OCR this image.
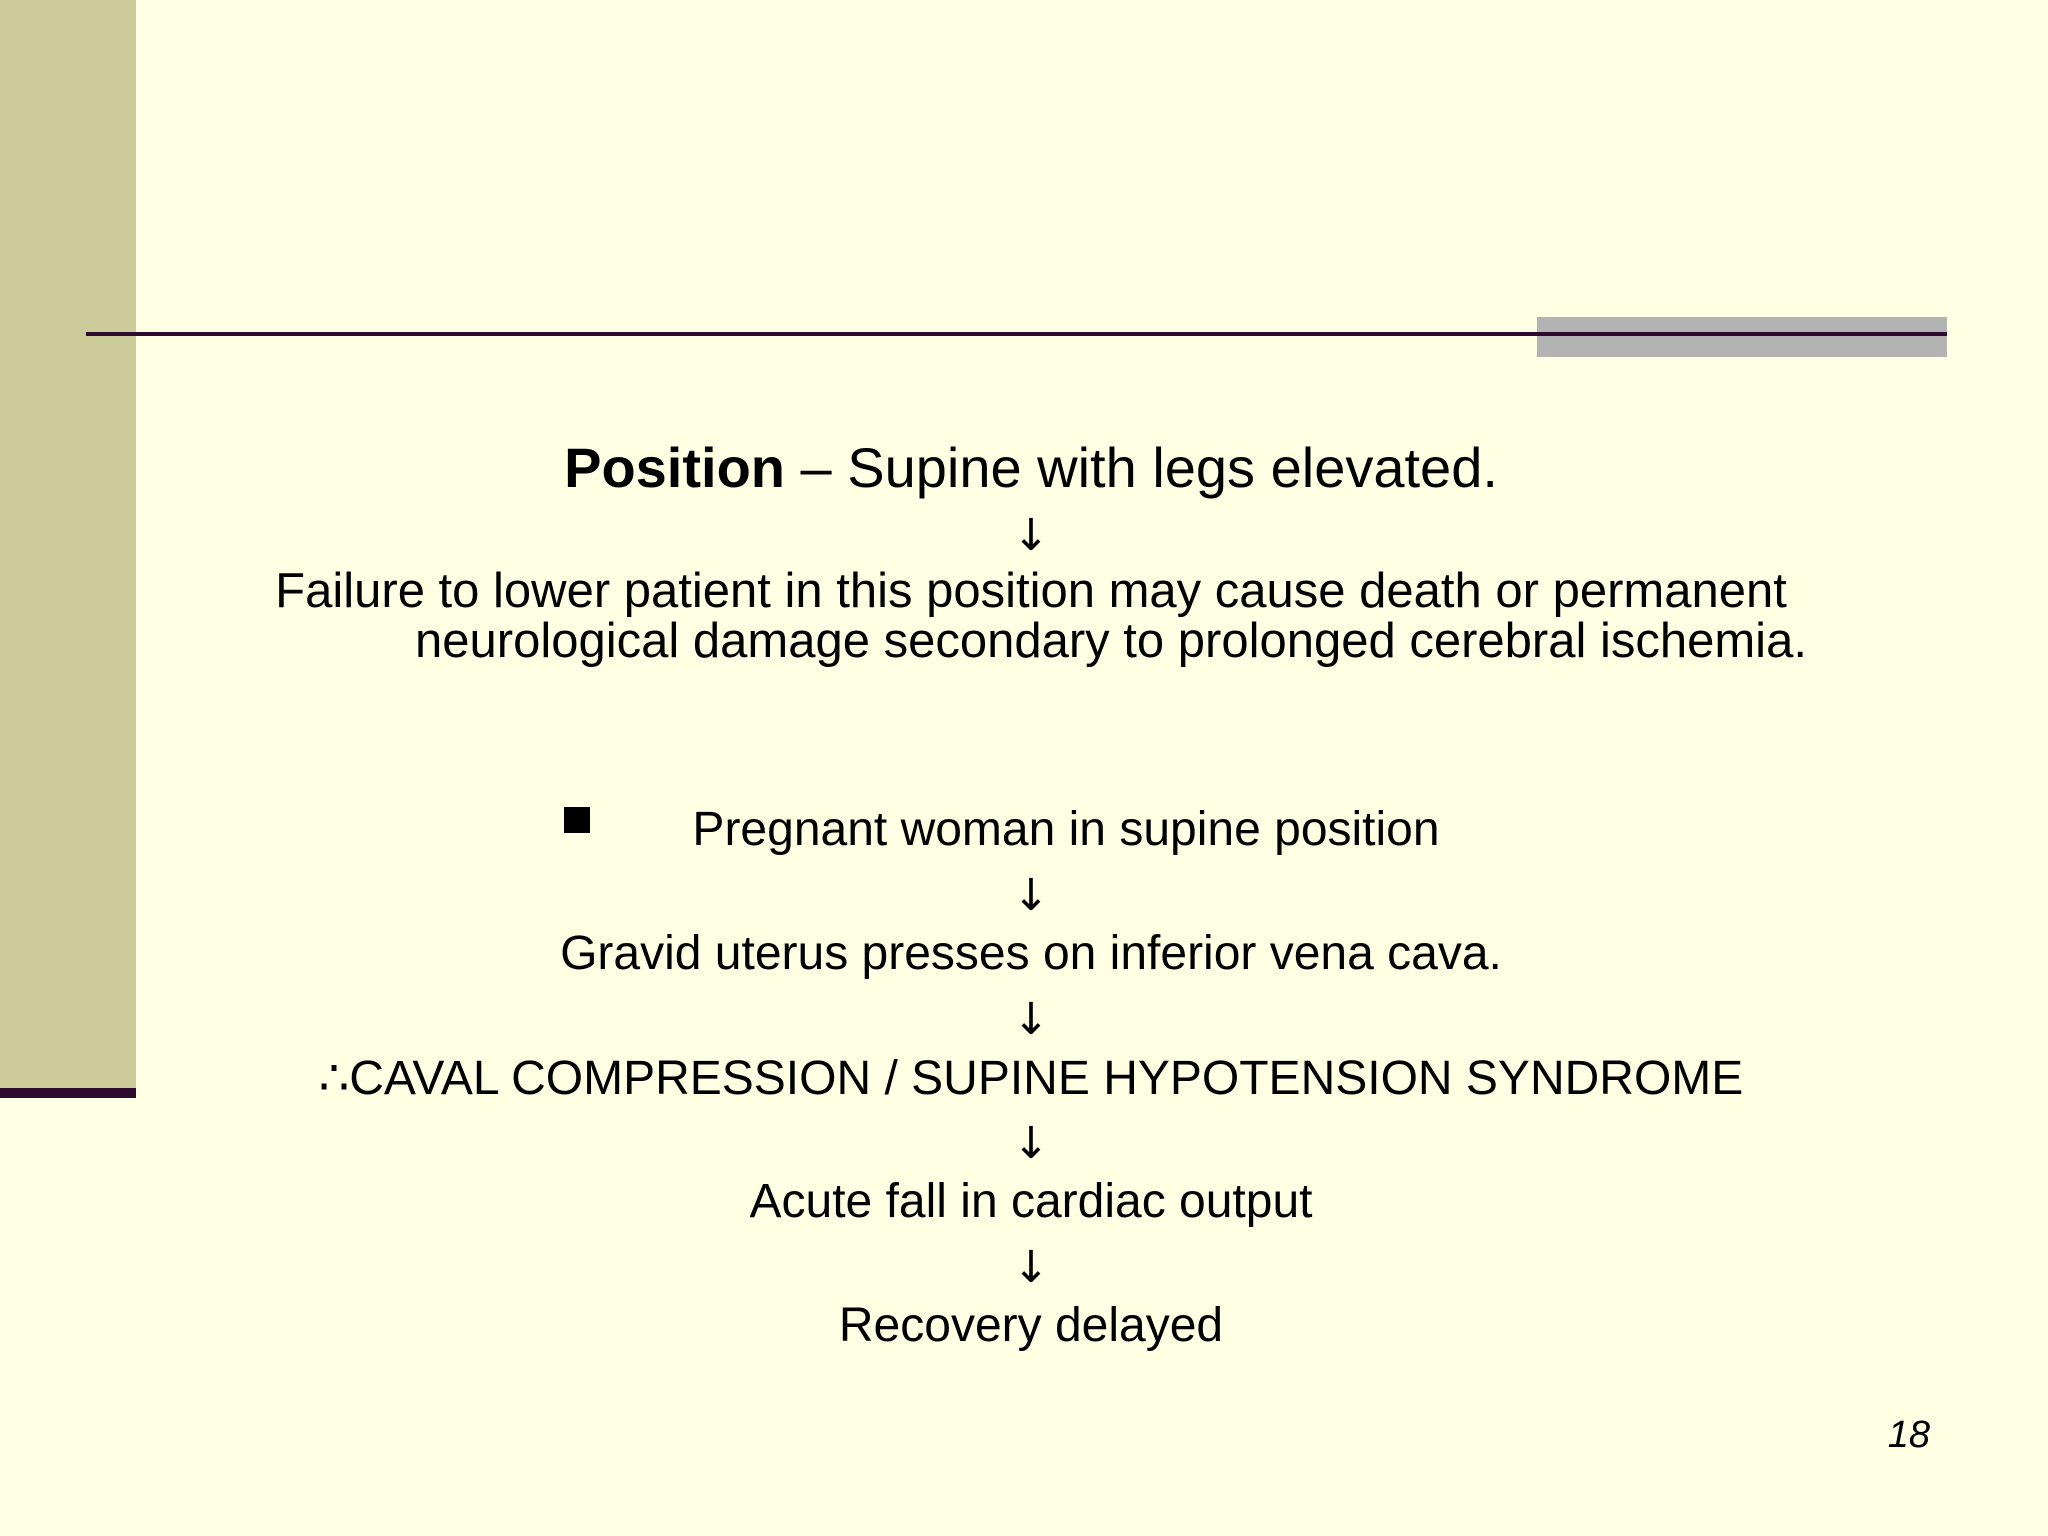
Position – Supine with legs elevated.
↓
Failure to lower patient in this position may cause death or permanent
neurological damage secondary to prolonged cerebral ischemia.
Pregnant woman in supine position
↓
Gravid uterus presses on inferior vena cava.
↓
∴CAVAL COMPRESSION / SUPINE HYPOTENSION SYNDROME
↓
Acute fall in cardiac output
↓
Recovery delayed
18
